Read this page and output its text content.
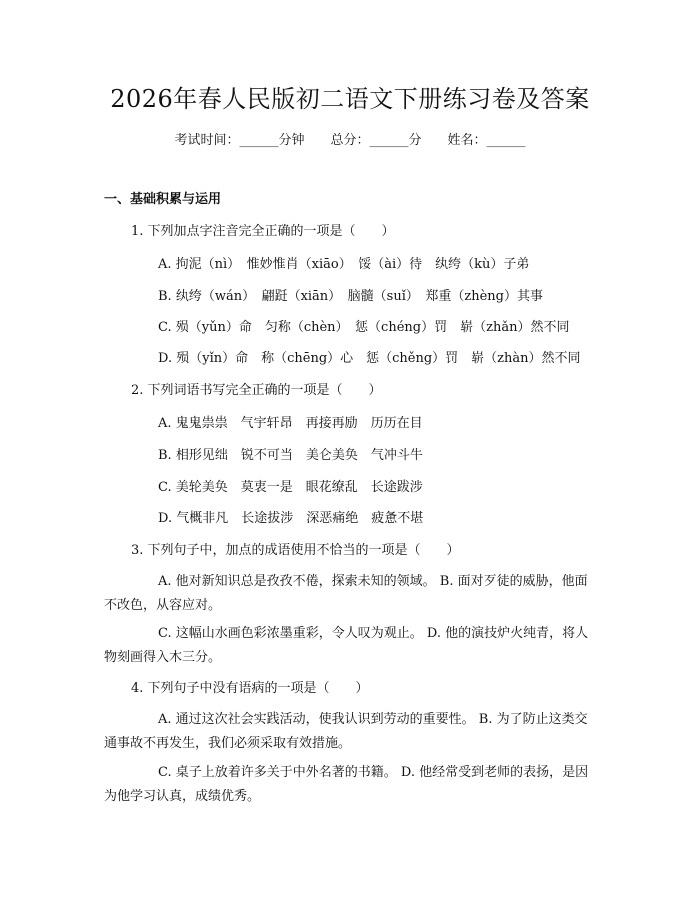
2026年春人民版初二语文下册练习卷及答案
考试时间：______分钟 总分：______分 姓名：______
一、基础积累与运用
1. 下列加点字注音完全正确的一项是（　　）
A. 拘泥（nì）　惟妙惟肖（xiāo）　馁（ài）待　纨绔（kù）子弟
B. 纨绔（wán）　翩跹（xiān）　脑髓（suǐ）　郑重（zhèng）其事
C. 殒（yǔn）命　匀称（chèn）　惩（chéng）罚　崭（zhǎn）然不同
D. 殒（yǐn）命　称（chēng）心　惩（chěng）罚　崭（zhàn）然不同
2. 下列词语书写完全正确的一项是（　　）
A. 鬼鬼祟祟　气宇轩昂　再接再励　历历在目
B. 相形见绌　锐不可当　美仑美奂　气冲斗牛
C. 美轮美奂　莫衷一是　眼花缭乱　长途跋涉
D. 气概非凡　长途拔涉　深恶痛绝　疲惫不堪
3. 下列句子中，加点的成语使用不恰当的一项是（　　）
A. 他对新知识总是孜孜不倦，探索未知的领域。 B. 面对歹徒的威胁，他面不改色，从容应对。
C. 这幅山水画色彩浓墨重彩，令人叹为观止。 D. 他的演技炉火纯青，将人物刻画得入木三分。
4. 下列句子中没有语病的一项是（　　）
A. 通过这次社会实践活动，使我认识到劳动的重要性。 B. 为了防止这类交通事故不再发生，我们必须采取有效措施。
C. 桌子上放着许多关于中外名著的书籍。 D. 他经常受到老师的表扬，是因为他学习认真，成绩优秀。
